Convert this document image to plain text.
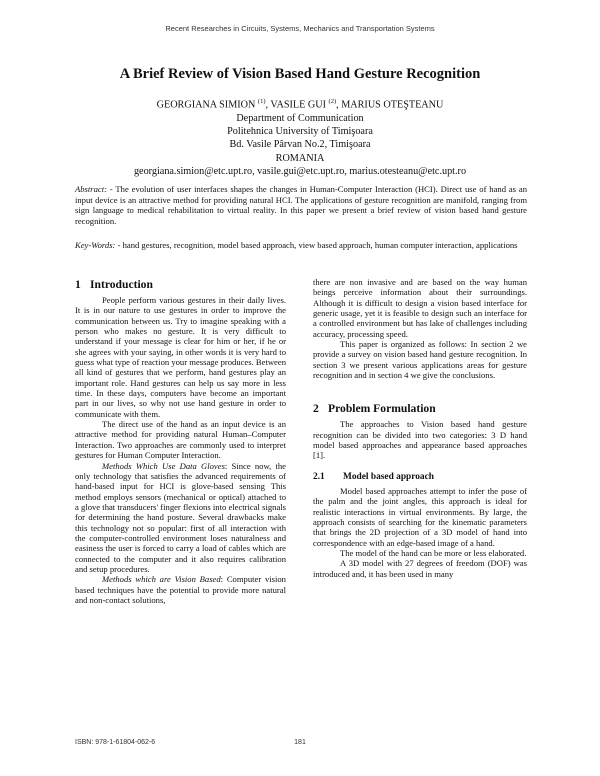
Recent Researches in Circuits, Systems, Mechanics and Transportation Systems
A Brief Review of Vision Based Hand Gesture Recognition
GEORGIANA SIMION $^{(1)}$, VASILE GUI $^{(2)}$, MARIUS OTEŞTEANU
Department of Communication
Politehnica University of Timişoara
Bd. Vasile Pârvan No.2, Timişoara
ROMANIA
georgiana.simion@etc.upt.ro, vasile.gui@etc.upt.ro, marius.otesteanu@etc.upt.ro
Abstract: - The evolution of user interfaces shapes the changes in Human-Computer Interaction (HCI). Direct use of hand as an input device is an attractive method for providing natural HCI. The applications of gesture recognition are manifold, ranging from sign language to medical rehabilitation to virtual reality. In this paper we present a brief review of vision based hand gesture recognition.
Key-Words: - hand gestures, recognition, model based approach, view based approach, human computer interaction, applications
1 Introduction

People perform various gestures in their daily lives. It is in our nature to use gestures in order to improve the communication between us. Try to imagine speaking with a person who makes no gesture. It is very difficult to understand if your message is clear for him or her, if he or she agrees with your saying, in other words it is very hard to guess what type of reaction your message produces. Between all kind of gestures that we perform, hand gestures play an important role. Hand gestures can help us say more in less time. In these days, computers have become an important part in our lives, so why not use hand gesture in order to communicate with them.

The direct use of the hand as an input device is an attractive method for providing natural Human–Computer Interaction. Two approaches are commonly used to interpret gestures for Human Computer Interaction.

Methods Which Use Data Gloves: Since now, the only technology that satisfies the advanced requirements of hand-based input for HCI is glove-based sensing This method employs sensors (mechanical or optical) attached to a glove that transducers' finger flexions into electrical signals for determining the hand posture. Several drawbacks make this technology not so popular: first of all interaction with the computer-controlled environment loses naturalness and easiness the user is forced to carry a load of cables which are connected to the computer and it also requires calibration and setup procedures.

Methods which are Vision Based: Computer vision based techniques have the potential to provide more natural and non-contact solutions,

there are non invasive and are based on the way human beings perceive information about their surroundings. Although it is difficult to design a vision based interface for generic usage, yet it is feasible to design such an interface for a controlled environment but has lake of challenges including accuracy, processing speed.

This paper is organized as follows: In section 2 we provide a survey on vision based hand gesture recognition. In section 3 we present various applications areas for gesture recognition and in section 4 we give the conclusions.

2 Problem Formulation

The approaches to Vision based hand gesture recognition can be divided into two categories: 3 D hand model based approaches and appearance based approaches [1].

2.1 Model based approach

Model based approaches attempt to infer the pose of the palm and the joint angles, this approach is ideal for realistic interactions in virtual environments. By large, the approach consists of searching for the kinematic parameters that brings the 2D projection of a 3D model of hand into correspondence with an edge-based image of a hand.

The model of the hand can be more or less elaborated.

A 3D model with 27 degrees of freedom (DOF) was introduced and, it has been used in many

ISBN: 978-1-61804-062-6	181
